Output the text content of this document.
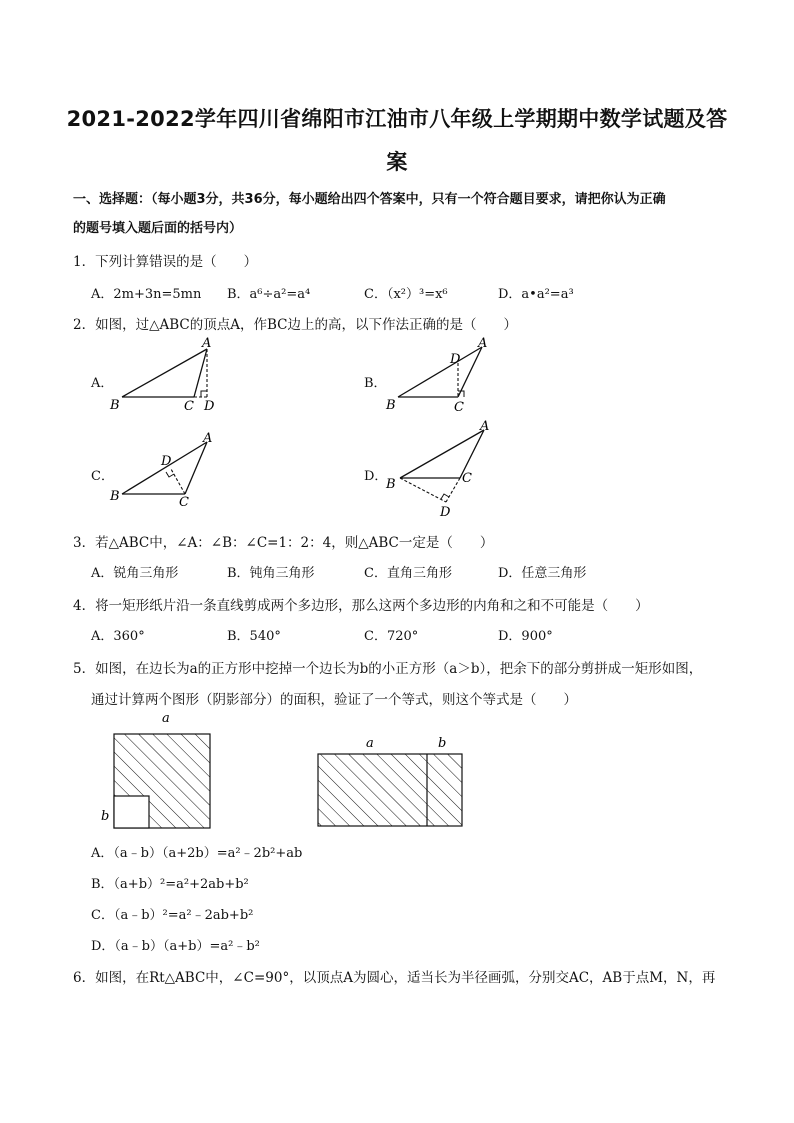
2021-2022学年四川省绵阳市江油市八年级上学期期中数学试题及答
案
一、选择题：（每小题3分，共36分，每小题给出四个答案中，只有一个符合题目要求，请把你认为正确
的题号填入题后面的括号内）
1．下列计算错误的是（　　）
A．2m+3n=5mn B．a⁶÷a²=a⁴	C．（x²）³=x⁶	D．a•a²=a³
2．如图，过△ABC的顶点A，作BC边上的高，以下作法正确的是（　　）
A．	B．
C．	D．
A
B	C D
A
D
B	C
A
D
B	C
A
B	C
D
3．若△ABC中，∠A：∠B：∠C=1：2：4，则△ABC一定是（　　）
A．锐角三角形	B．钝角三角形	C．直角三角形	D．任意三角形
4．将一矩形纸片沿一条直线剪成两个多边形，那么这两个多边形的内角和之和不可能是（　　）
A．360°	B．540°	C．720°	D．900°
5．如图，在边长为a的正方形中挖掉一个边长为b的小正方形（a＞b），把余下的部分剪拼成一矩形如图，
通过计算两个图形（阴影部分）的面积，验证了一个等式，则这个等式是（　　）
a
b
a	b
A．（a﹣b）（a+2b）=a²﹣2b²+ab
B．（a+b）²=a²+2ab+b²
C．（a﹣b）²=a²﹣2ab+b²
D．（a﹣b）（a+b）=a²﹣b²
6．如图，在Rt△ABC中，∠C=90°，以顶点A为圆心，适当长为半径画弧，分别交AC，AB于点M，N，再
